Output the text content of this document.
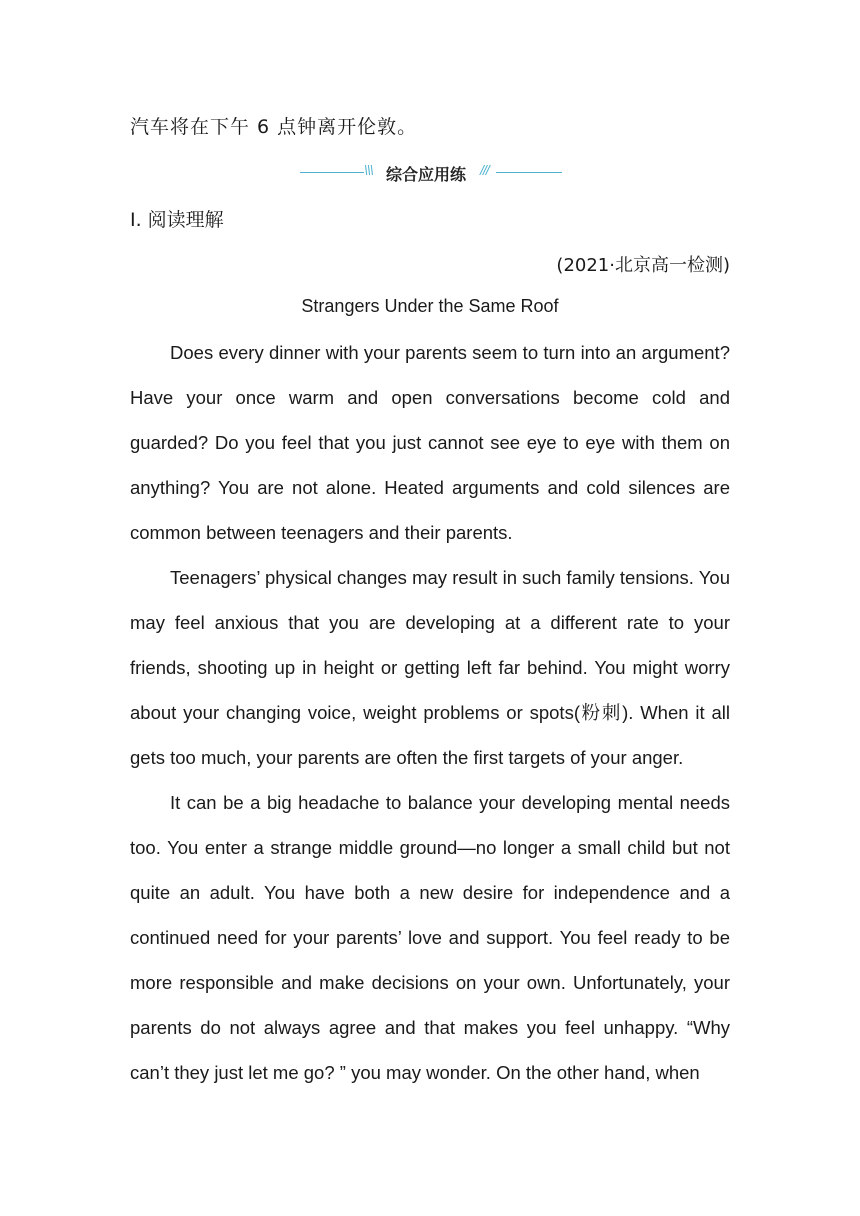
汽车将在下午 6 点钟离开伦敦。
\\\ 综合应用练 ///
Ⅰ. 阅读理解
(2021·北京高一检测)
Strangers Under the Same Roof

Does every dinner with your parents seem to turn into an argument? Have your once warm and open conversations become cold and guarded? Do you feel that you just cannot see eye to eye with them on anything? You are not alone. Heated arguments and cold silences are common between teenagers and their parents.

Teenagers’ physical changes may result in such family tensions. You may feel anxious that you are developing at a different rate to your friends, shooting up in height or getting left far behind. You might worry about your changing voice, weight problems or spots(粉刺). When it all gets too much, your parents are often the first targets of your anger.

It can be a big headache to balance your developing mental needs too. You enter a strange middle ground—no longer a small child but not quite an adult. You have both a new desire for independence and a continued need for your parents’ love and support. You feel ready to be more responsible and make decisions on your own. Unfortunately, your parents do not always agree and that makes you feel unhappy. “Why can’t they just let me go? ” you may wonder. On the other hand, when
